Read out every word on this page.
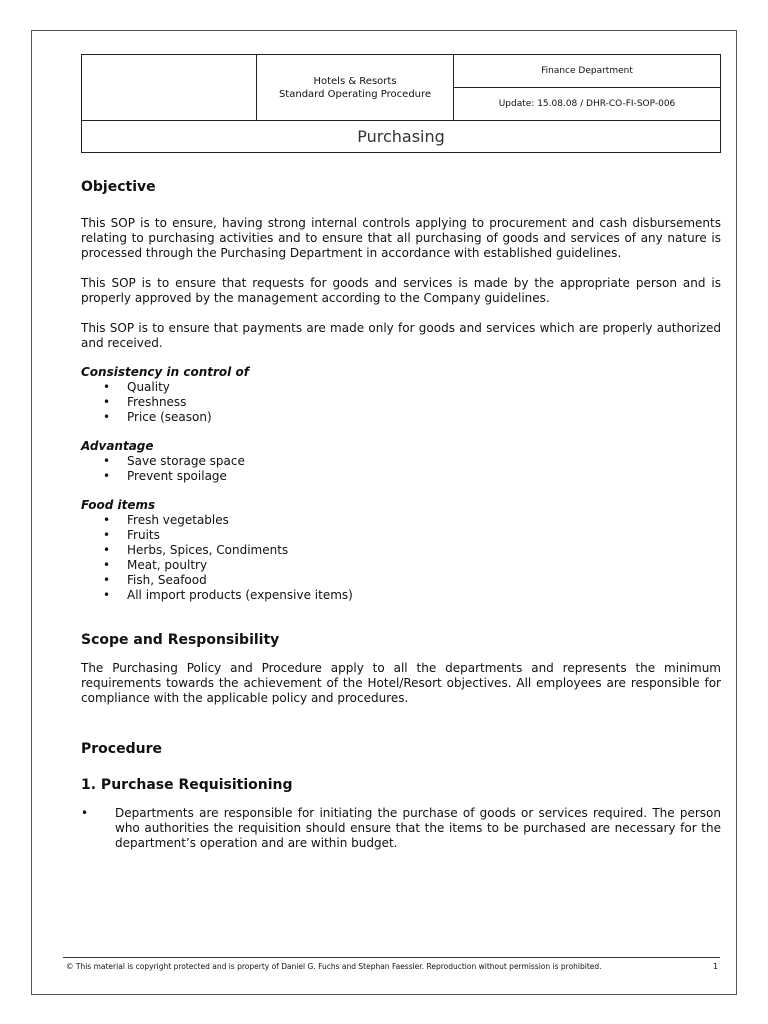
Hotels & Resorts
Standard Operating Procedure
Finance Department
Update: 15.08.08 / DHR-CO-FI-SOP-006
Purchasing
Objective

This SOP is to ensure, having strong internal controls applying to procurement and cash disbursements relating to purchasing activities and to ensure that all purchasing of goods and services of any nature is processed through the Purchasing Department in accordance with established guidelines.

This SOP is to ensure that requests for goods and services is made by the appropriate person and is properly approved by the management according to the Company guidelines.

This SOP is to ensure that payments are made only for goods and services which are properly authorized and received.

Consistency in control of
• Quality
• Freshness
• Price (season)
Advantage
• Save storage space
• Prevent spoilage
Food items
• Fresh vegetables
• Fruits
• Herbs, Spices, Condiments
• Meat, poultry
• Fish, Seafood
• All import products (expensive items)
Scope and Responsibility

The Purchasing Policy and Procedure apply to all the departments and represents the minimum requirements towards the achievement of the Hotel/Resort objectives. All employees are responsible for compliance with the applicable policy and procedures.

Procedure
1. Purchase Requisitioning
• Departments are responsible for initiating the purchase of goods or services required. The person who authorities the requisition should ensure that the items to be purchased are necessary for the department’s operation and are within budget.
© This material is copyright protected and is property of Daniel G. Fuchs and Stephan Faessler. Reproduction without permission is prohibited.	1
